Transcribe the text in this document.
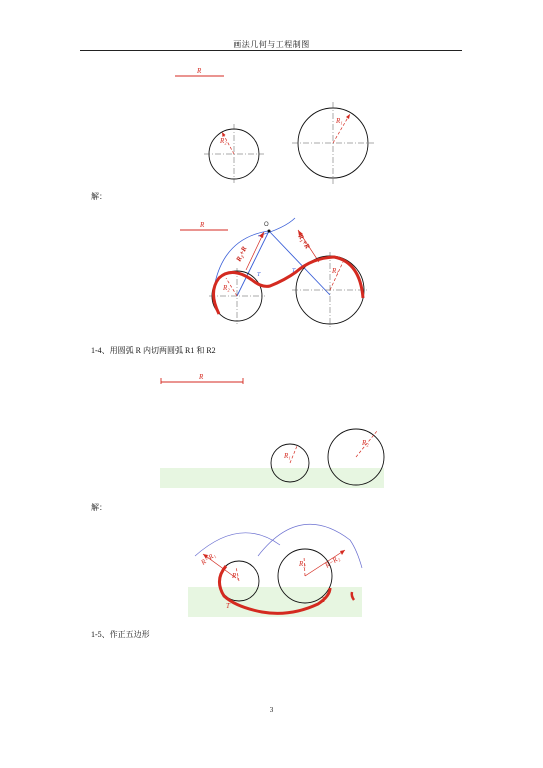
画法几何与工程制图
R
R₂
R₁
解：
R	O
R₂+R
R₁+R
R₂
R₁
T
T
1-4、用圆弧 R 内切两圆弧 R1 和 R2
R
R₁
R₂
解：
R−R₁	R−R₂
R₁
R₂
T
T
1-5、作正五边形
3
